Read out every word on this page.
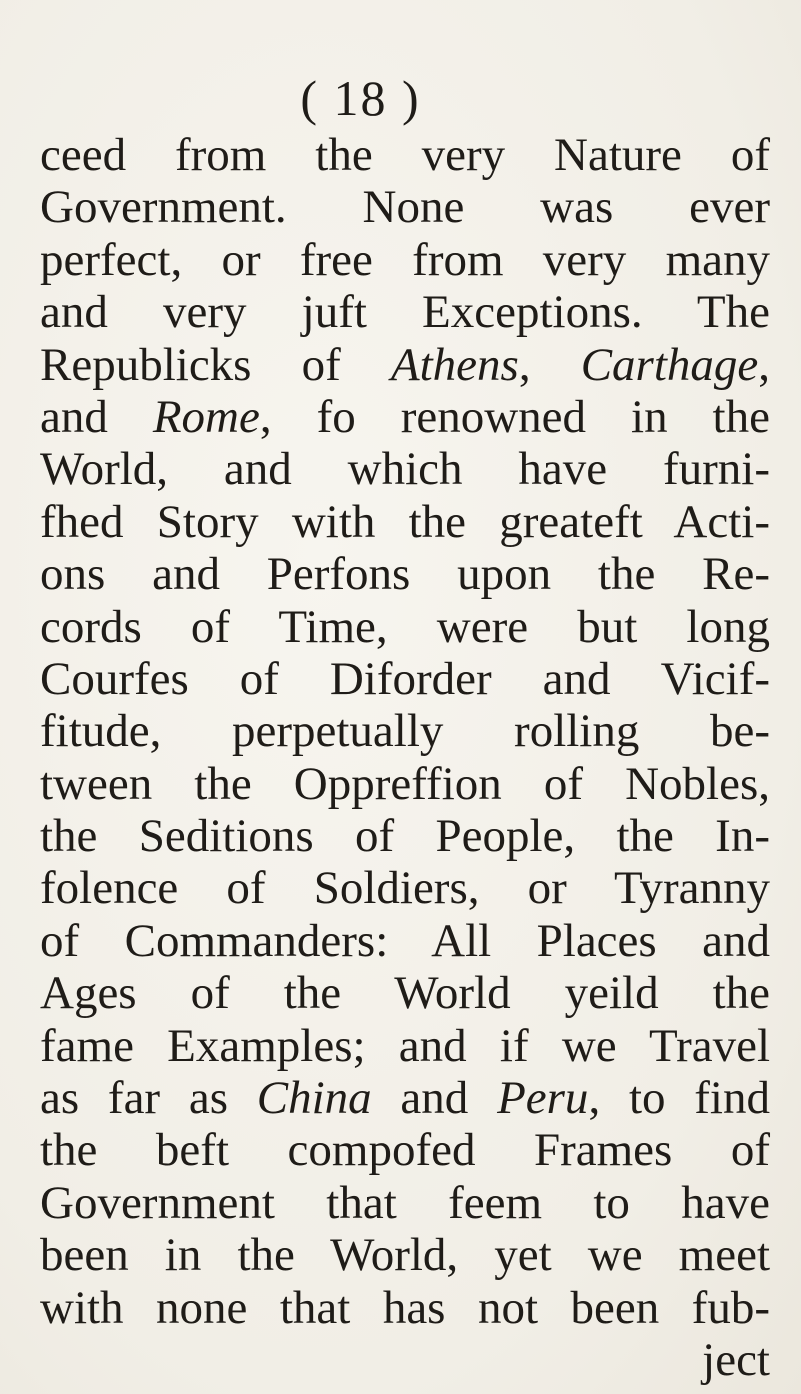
( 18 )
ceed from the very Nature of
Government. None was ever
perfect, or free from very many
and very juft Exceptions. The
Republicks of Athens, Carthage,
and Rome, fo renowned in the
World, and which have furni-
fhed Story with the greateft Acti-
ons and Perfons upon the Re-
cords of Time, were but long
Courfes of Diforder and Vicif-
fitude, perpetually rolling be-
tween the Oppreffion of Nobles,
the Seditions of People, the In-
folence of Soldiers, or Tyranny
of Commanders: All Places and
Ages of the World yeild the
fame Examples; and if we Travel
as far as China and Peru, to find
the beft compofed Frames of
Government that feem to have
been in the World, yet we meet
with none that has not been fub-
ject
